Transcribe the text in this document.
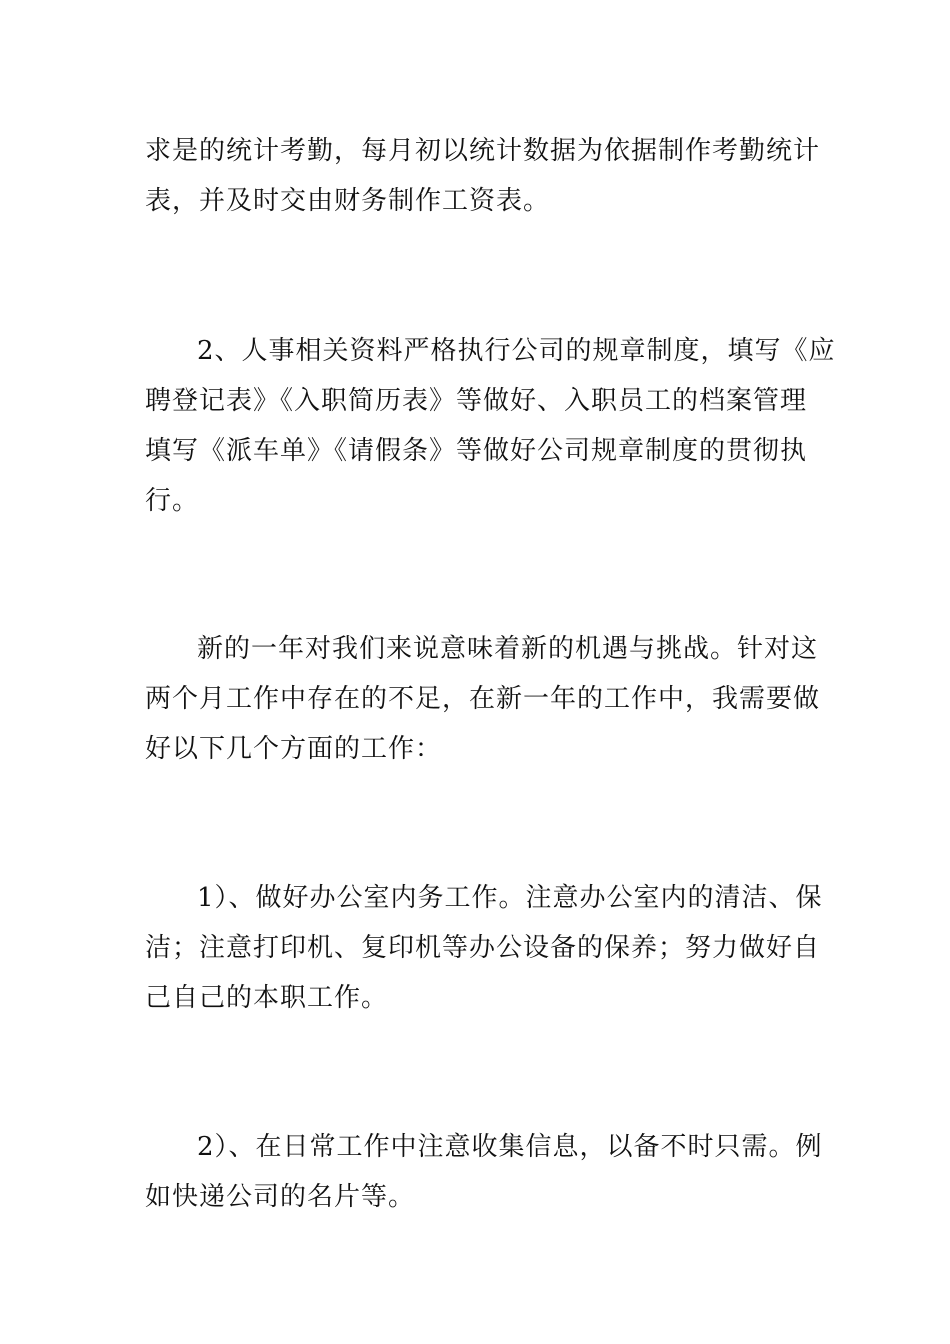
求是的统计考勤，每月初以统计数据为依据制作考勤统计
表，并及时交由财务制作工资表。

2、人事相关资料严格执行公司的规章制度，填写《应
聘登记表》《入职简历表》等做好、入职员工的档案管理
填写《派车单》《请假条》等做好公司规章制度的贯彻执
行。

新的一年对我们来说意味着新的机遇与挑战。针对这
两个月工作中存在的不足，在新一年的工作中，我需要做
好以下几个方面的工作：

1）、做好办公室内务工作。注意办公室内的清洁、保
洁；注意打印机、复印机等办公设备的保养；努力做好自
己自己的本职工作。

2）、在日常工作中注意收集信息，以备不时只需。例
如快递公司的名片等。
